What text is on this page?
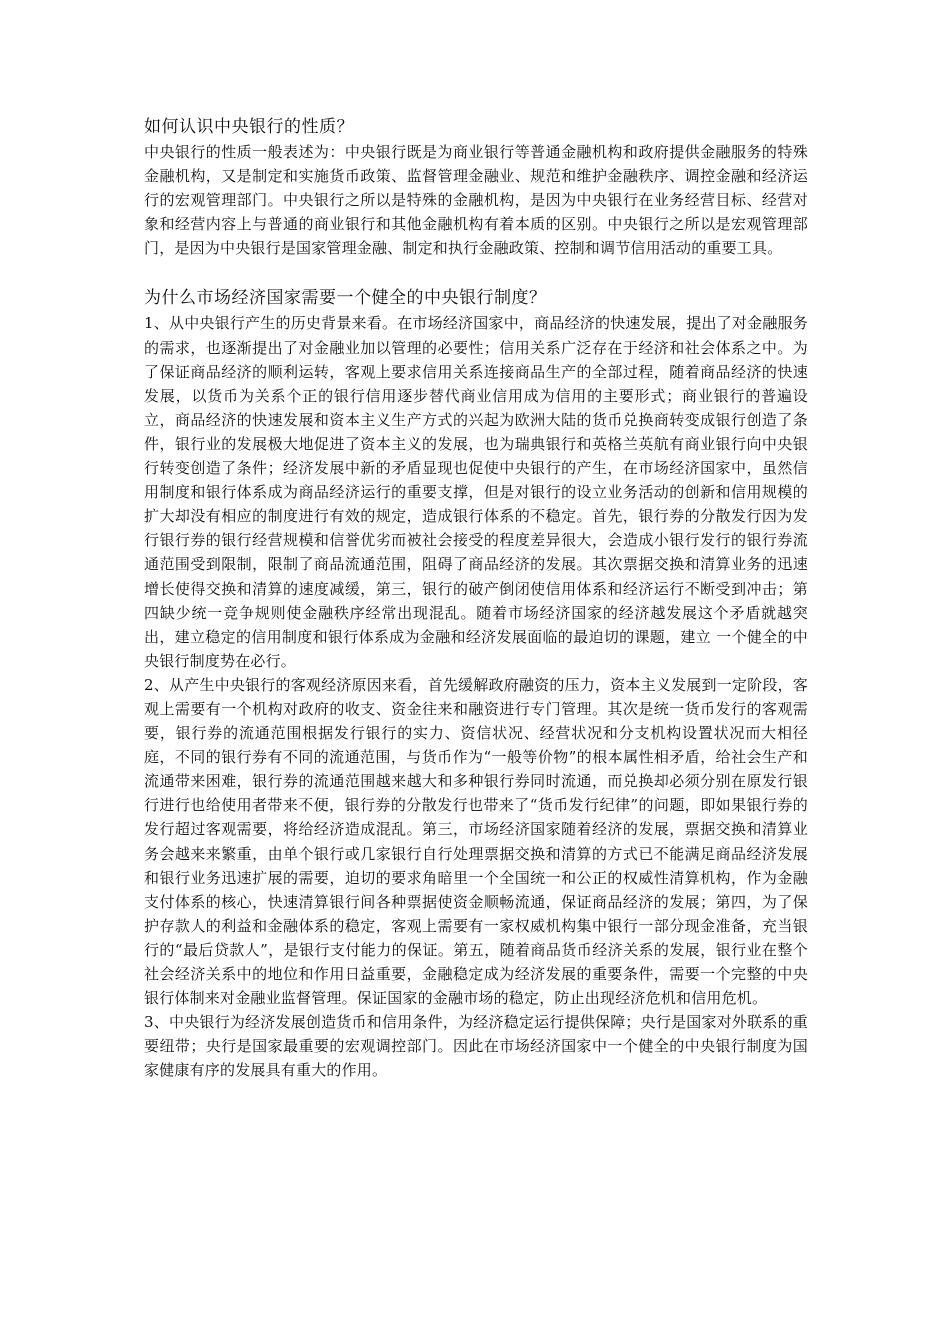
如何认识中央银行的性质？

中央银行的性质一般表述为：中央银行既是为商业银行等普通金融机构和政府提供金融服务的特殊金融机构，又是制定和实施货币政策、监督管理金融业、规范和维护金融秩序、调控金融和经济运行的宏观管理部门。中央银行之所以是特殊的金融机构，是因为中央银行在业务经营目标、经营对象和经营内容上与普通的商业银行和其他金融机构有着本质的区别。中央银行之所以是宏观管理部门，是因为中央银行是国家管理金融、制定和执行金融政策、控制和调节信用活动的重要工具。

为什么市场经济国家需要一个健全的中央银行制度？

1、从中央银行产生的历史背景来看。在市场经济国家中，商品经济的快速发展，提出了对金融服务的需求，也逐渐提出了对金融业加以管理的必要性；信用关系广泛存在于经济和社会体系之中。为了保证商品经济的顺利运转，客观上要求信用关系连接商品生产的全部过程，随着商品经济的快速发展，以货币为关系个正的银行信用逐步替代商业信用成为信用的主要形式；商业银行的普遍设立，商品经济的快速发展和资本主义生产方式的兴起为欧洲大陆的货币兑换商转变成银行创造了条件，银行业的发展极大地促进了资本主义的发展，也为瑞典银行和英格兰英航有商业银行向中央银行转变创造了条件；经济发展中新的矛盾显现也促使中央银行的产生，在市场经济国家中，虽然信用制度和银行体系成为商品经济运行的重要支撑，但是对银行的设立业务活动的创新和信用规模的扩大却没有相应的制度进行有效的规定，造成银行体系的不稳定。首先，银行券的分散发行因为发行银行券的银行经营规模和信誉优劣而被社会接受的程度差异很大，会造成小银行发行的银行券流通范围受到限制，限制了商品流通范围，阻碍了商品经济的发展。其次票据交换和清算业务的迅速增长使得交换和清算的速度减缓，第三，银行的破产倒闭使信用体系和经济运行不断受到冲击；第四缺少统一竞争规则使金融秩序经常出现混乱。随着市场经济国家的经济越发展这个矛盾就越突出，建立稳定的信用制度和银行体系成为金融和经济发展面临的最迫切的课题，建立 一个健全的中央银行制度势在必行。

2、从产生中央银行的客观经济原因来看，首先缓解政府融资的压力，资本主义发展到一定阶段，客观上需要有一个机构对政府的收支、资金往来和融资进行专门管理。其次是统一货币发行的客观需要，银行券的流通范围根据发行银行的实力、资信状况、经营状况和分支机构设置状况而大相径庭，不同的银行券有不同的流通范围，与货币作为“一般等价物”的根本属性相矛盾，给社会生产和流通带来困难，银行券的流通范围越来越大和多种银行券同时流通，而兑换却必须分别在原发行银行进行也给使用者带来不便，银行券的分散发行也带来了“货币发行纪律”的问题，即如果银行券的发行超过客观需要，将给经济造成混乱。第三，市场经济国家随着经济的发展，票据交换和清算业务会越来来繁重，由单个银行或几家银行自行处理票据交换和清算的方式已不能满足商品经济发展和银行业务迅速扩展的需要，迫切的要求角暗里一个全国统一和公正的权威性清算机构，作为金融支付体系的核心，快速清算银行间各种票据使资金顺畅流通，保证商品经济的发展；第四，为了保护存款人的利益和金融体系的稳定，客观上需要有一家权威机构集中银行一部分现金准备，充当银行的“最后贷款人”，是银行支付能力的保证。第五，随着商品货币经济关系的发展，银行业在整个社会经济关系中的地位和作用日益重要，金融稳定成为经济发展的重要条件，需要一个完整的中央银行体制来对金融业监督管理。保证国家的金融市场的稳定，防止出现经济危机和信用危机。

3、中央银行为经济发展创造货币和信用条件，为经济稳定运行提供保障；央行是国家对外联系的重要纽带；央行是国家最重要的宏观调控部门。因此在市场经济国家中一个健全的中央银行制度为国家健康有序的发展具有重大的作用。
